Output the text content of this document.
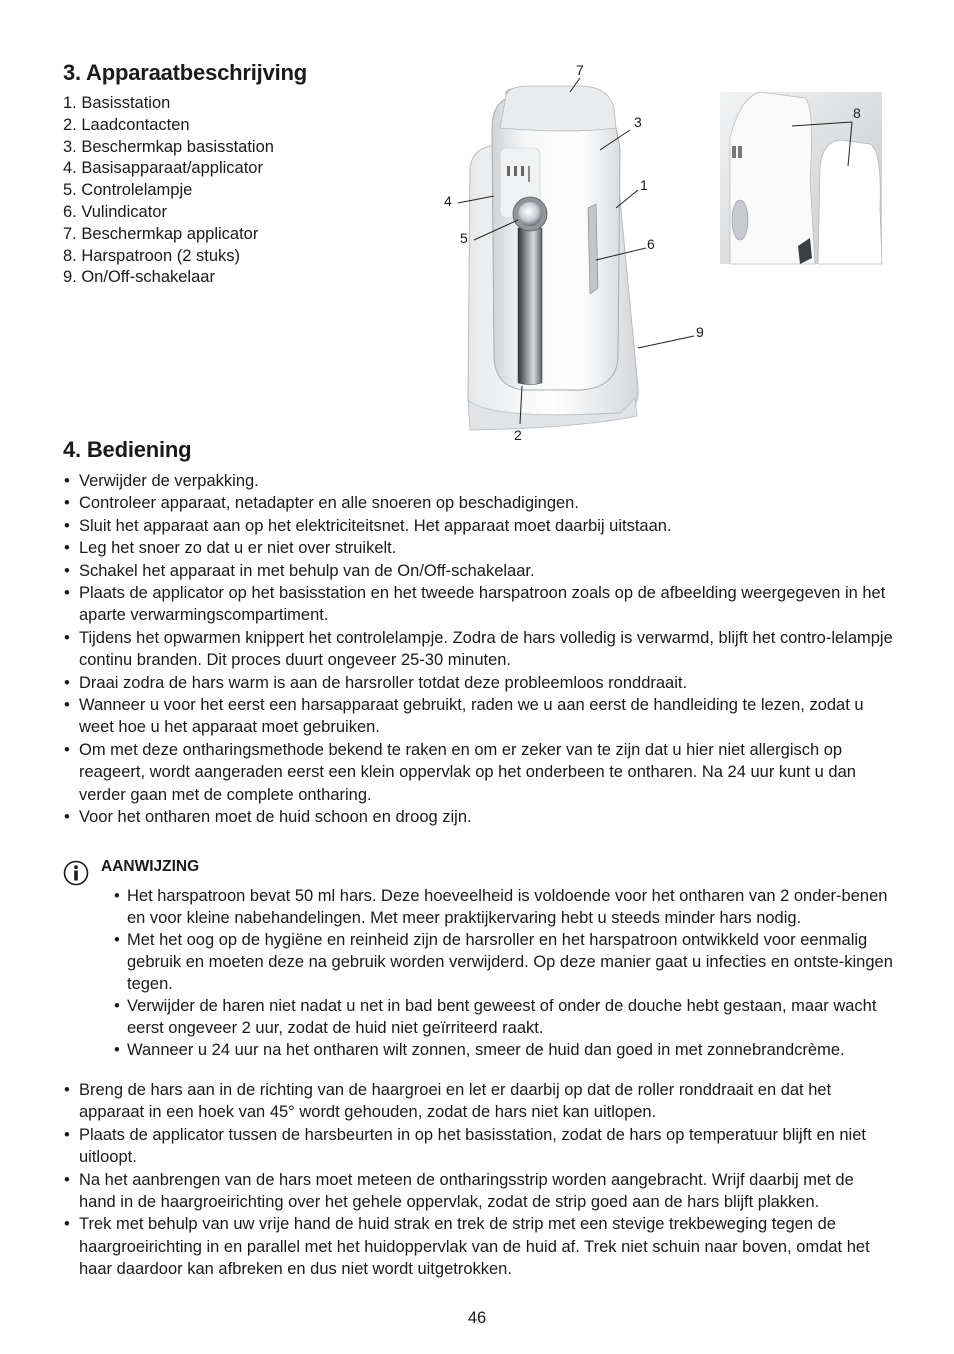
3. Apparaatbeschrijving
1. Basisstation
2. Laadcontacten
3. Beschermkap basisstation
4. Basisapparaat/applicator
5. Controlelampje
6. Vulindicator
7. Beschermkap applicator
8. Harspatroon (2 stuks)
9. On/Off-schakelaar
7
3
1
4
5	6
9
2
8
4. Bediening
• Verwijder de verpakking.
• Controleer apparaat, netadapter en alle snoeren op beschadigingen.
• Sluit het apparaat aan op het elektriciteitsnet. Het apparaat moet daarbij uitstaan.
• Leg het snoer zo dat u er niet over struikelt.
• Schakel het apparaat in met behulp van de On/Off-schakelaar.
• Plaats de applicator op het basisstation en het tweede harspatroon zoals op de afbeelding weergegeven in het aparte verwarmingscompartiment.
• Tijdens het opwarmen knippert het controlelampje. Zodra de hars volledig is verwarmd, blijft het contro-lelampje continu branden. Dit proces duurt ongeveer 25-30 minuten.
• Draai zodra de hars warm is aan de harsroller totdat deze probleemloos ronddraait.
• Wanneer u voor het eerst een harsapparaat gebruikt, raden we u aan eerst de handleiding te lezen, zodat u weet hoe u het apparaat moet gebruiken.
• Om met deze ontharingsmethode bekend te raken en om er zeker van te zijn dat u hier niet allergisch op reageert, wordt aangeraden eerst een klein oppervlak op het onderbeen te ontharen. Na 24 uur kunt u dan verder gaan met de complete ontharing.
• Voor het ontharen moet de huid schoon en droog zijn.
AANWIJZING
• Het harspatroon bevat 50 ml hars. Deze hoeveelheid is voldoende voor het ontharen van 2 onder-benen en voor kleine nabehandelingen. Met meer praktijkervaring hebt u steeds minder hars nodig.
• Met het oog op de hygiëne en reinheid zijn de harsroller en het harspatroon ontwikkeld voor eenmalig gebruik en moeten deze na gebruik worden verwijderd. Op deze manier gaat u infecties en ontste-kingen tegen.
• Verwijder de haren niet nadat u net in bad bent geweest of onder de douche hebt gestaan, maar wacht eerst ongeveer 2 uur, zodat de huid niet geïrriteerd raakt.
• Wanneer u 24 uur na het ontharen wilt zonnen, smeer de huid dan goed in met zonnebrandcrème.
• Breng de hars aan in de richting van de haargroei en let er daarbij op dat de roller ronddraait en dat het apparaat in een hoek van 45° wordt gehouden, zodat de hars niet kan uitlopen.
• Plaats de applicator tussen de harsbeurten in op het basisstation, zodat de hars op temperatuur blijft en niet uitloopt.
• Na het aanbrengen van de hars moet meteen de ontharingsstrip worden aangebracht. Wrijf daarbij met de hand in de haargroeirichting over het gehele oppervlak, zodat de strip goed aan de hars blijft plakken.
• Trek met behulp van uw vrije hand de huid strak en trek de strip met een stevige trekbeweging tegen de haargroeirichting in en parallel met het huidoppervlak van de huid af. Trek niet schuin naar boven, omdat het haar daardoor kan afbreken en dus niet wordt uitgetrokken.
46
